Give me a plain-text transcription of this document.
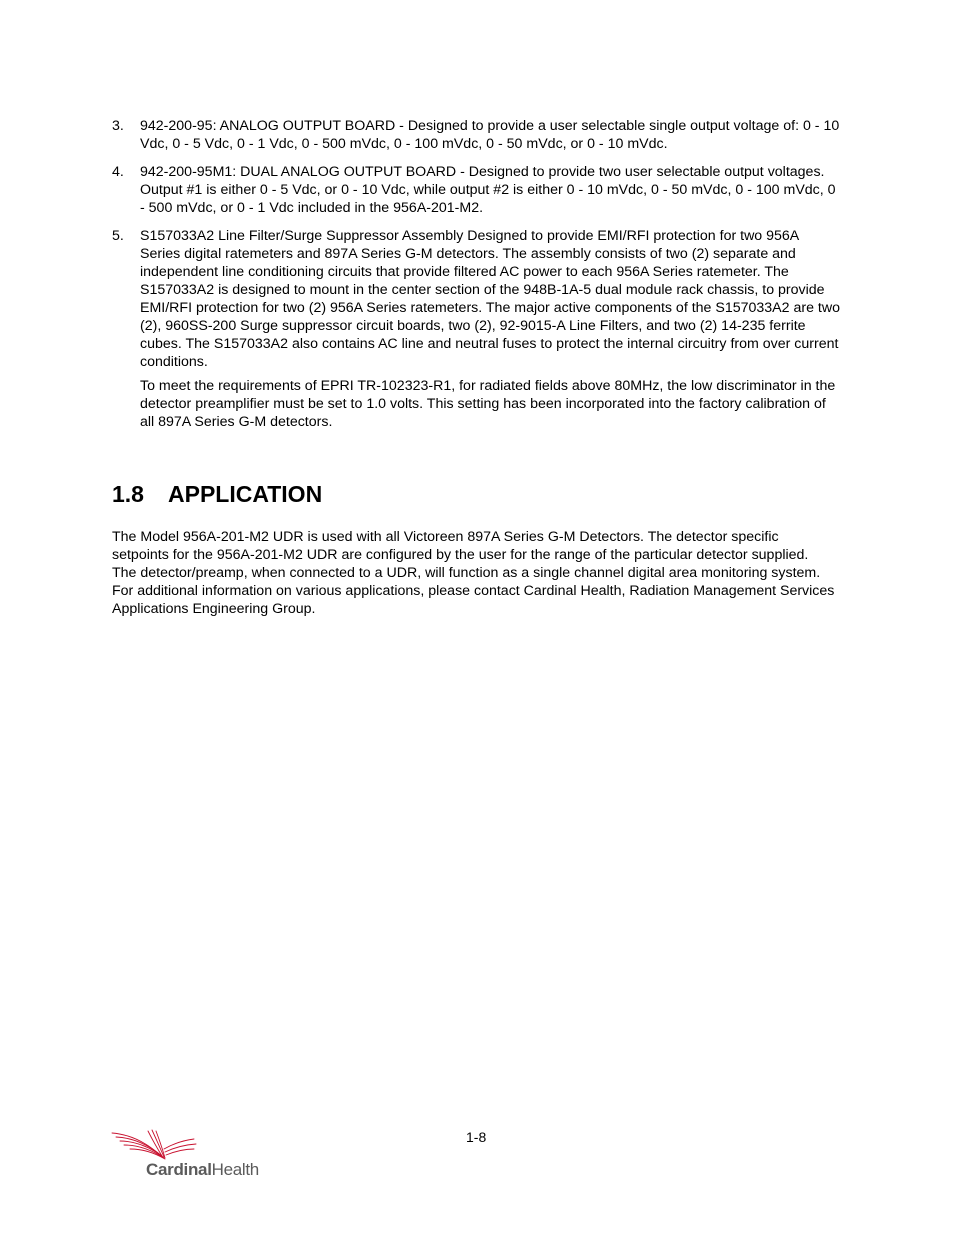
3. 942-200-95: ANALOG OUTPUT BOARD - Designed to provide a user selectable single output voltage of: 0 - 10 Vdc, 0 - 5 Vdc, 0 - 1 Vdc, 0 - 500 mVdc, 0 - 100 mVdc, 0 - 50 mVdc, or 0 - 10 mVdc.

4. 942-200-95M1: DUAL ANALOG OUTPUT BOARD - Designed to provide two user selectable output voltages. Output #1 is either 0 - 5 Vdc, or 0 - 10 Vdc, while output #2 is either 0 - 10 mVdc, 0 - 50 mVdc, 0 - 100 mVdc, 0 - 500 mVdc, or 0 - 1 Vdc included in the 956A-201-M2.

5. S157033A2 Line Filter/Surge Suppressor Assembly Designed to provide EMI/RFI protection for two 956A Series digital ratemeters and 897A Series G-M detectors. The assembly consists of two (2) separate and independent line conditioning circuits that provide filtered AC power to each 956A Series ratemeter. The S157033A2 is designed to mount in the center section of the 948B-1A-5 dual module rack chassis, to provide EMI/RFI protection for two (2) 956A Series ratemeters. The major active components of the S157033A2 are two (2), 960SS-200 Surge suppressor circuit boards, two (2), 92-9015-A Line Filters, and two (2) 14-235 ferrite cubes. The S157033A2 also contains AC line and neutral fuses to protect the internal circuitry from over current conditions.

To meet the requirements of EPRI TR-102323-R1, for radiated fields above 80MHz, the low discriminator in the detector preamplifier must be set to 1.0 volts. This setting has been incorporated into the factory calibration of all 897A Series G-M detectors.

1.8 APPLICATION

The Model 956A-201-M2 UDR is used with all Victoreen 897A Series G-M Detectors. The detector specific setpoints for the 956A-201-M2 UDR are configured by the user for the range of the particular detector supplied. The detector/preamp, when connected to a UDR, will function as a single channel digital area monitoring system. For additional information on various applications, please contact Cardinal Health, Radiation Management Services Applications Engineering Group.

1-8
CardinalHealth
